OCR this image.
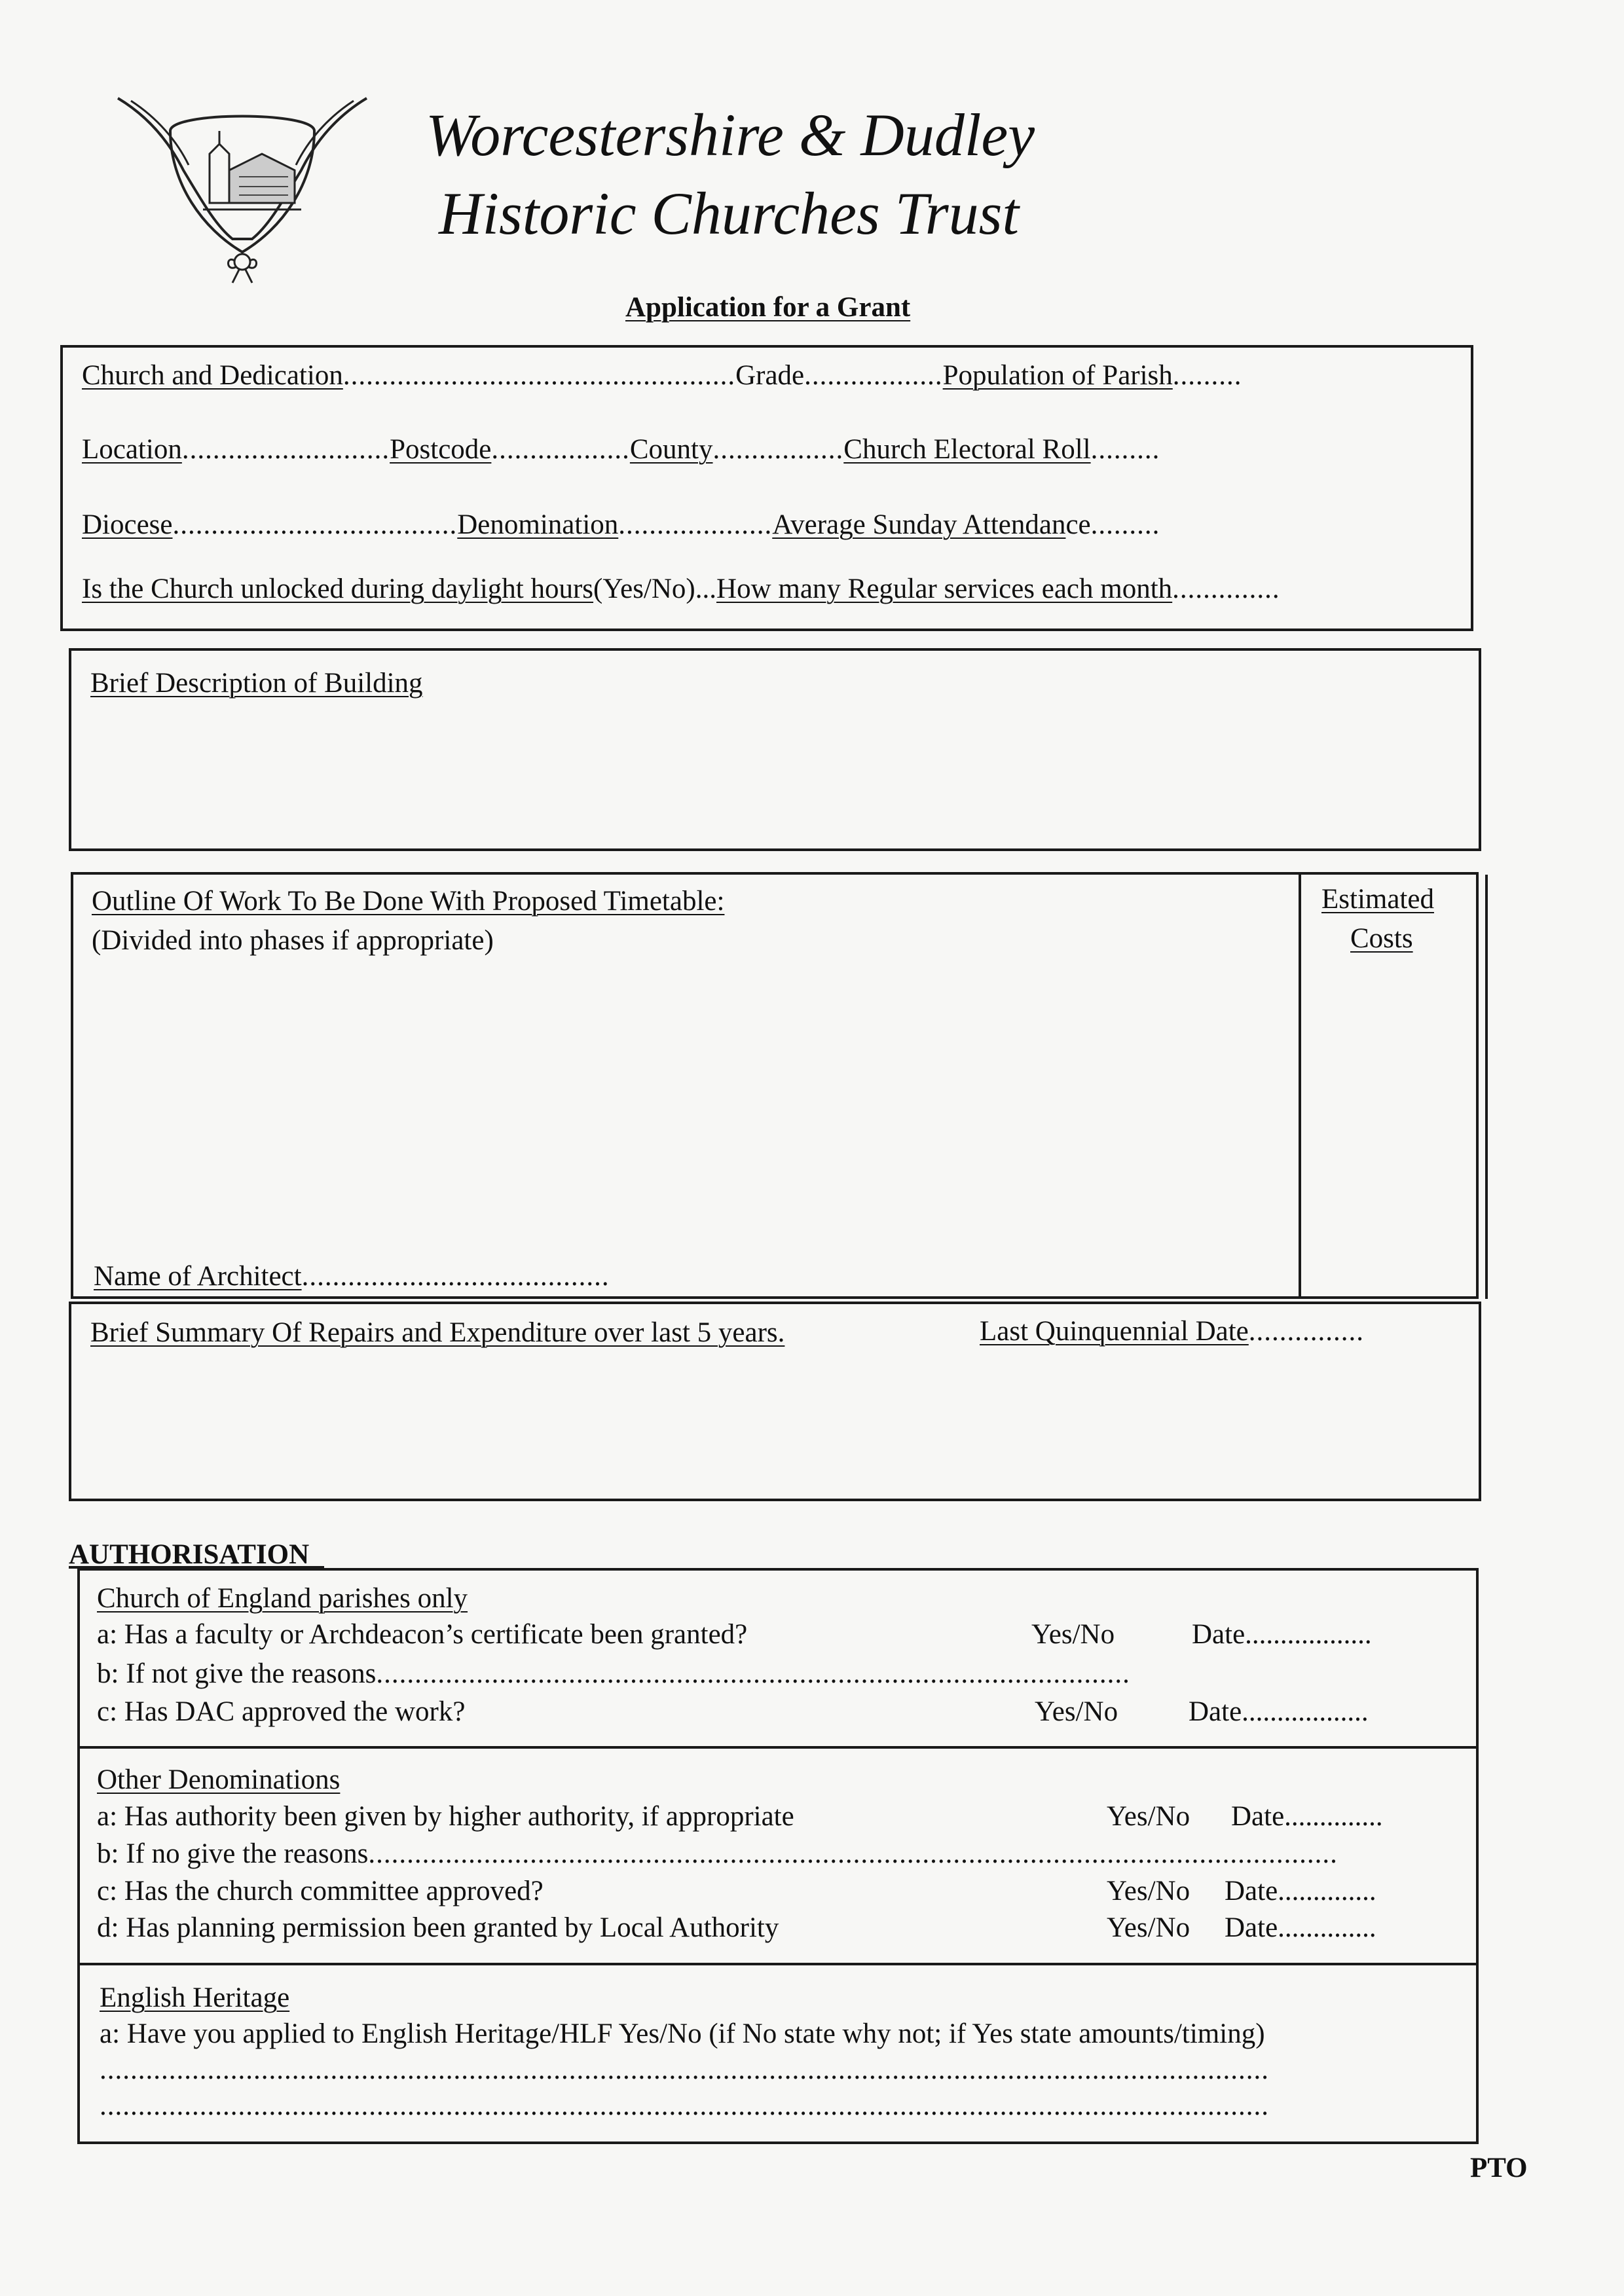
Worcestershire & Dudley
Historic Churches Trust
Application for a Grant
Church and Dedication...................................................Grade..................Population of Parish.........
Location...........................Postcode..................County.................Church Electoral Roll.........
Diocese.....................................Denomination....................Average Sunday Attendance.........
Is the Church unlocked during daylight hours(Yes/No)...How many Regular services each month..............
Brief Description of Building
Outline Of Work To Be Done With Proposed Timetable:
(Divided into phases if appropriate)
Estimated
Costs
Name of Architect........................................
Brief Summary Of Repairs and Expenditure over last 5 years.	Last Quinquennial Date...............
AUTHORISATION
Church of England parishes only
a: Has a faculty or Archdeacon’s certificate been granted?	Yes/No	Date..................
b: If not give the reasons..................................................................................................
c: Has DAC approved the work?	Yes/No	Date..................
Other Denominations
a: Has authority been given by higher authority, if appropriate	Yes/No Date..............
b: If no give the reasons..............................................................................................................................
c: Has the church committee approved?	Yes/No Date..............
d: Has planning permission been granted by Local Authority	Yes/No Date..............
English Heritage
a: Have you applied to English Heritage/HLF Yes/No (if No state why not; if Yes state amounts/timing)
........................................................................................................................................................
........................................................................................................................................................
PTO
